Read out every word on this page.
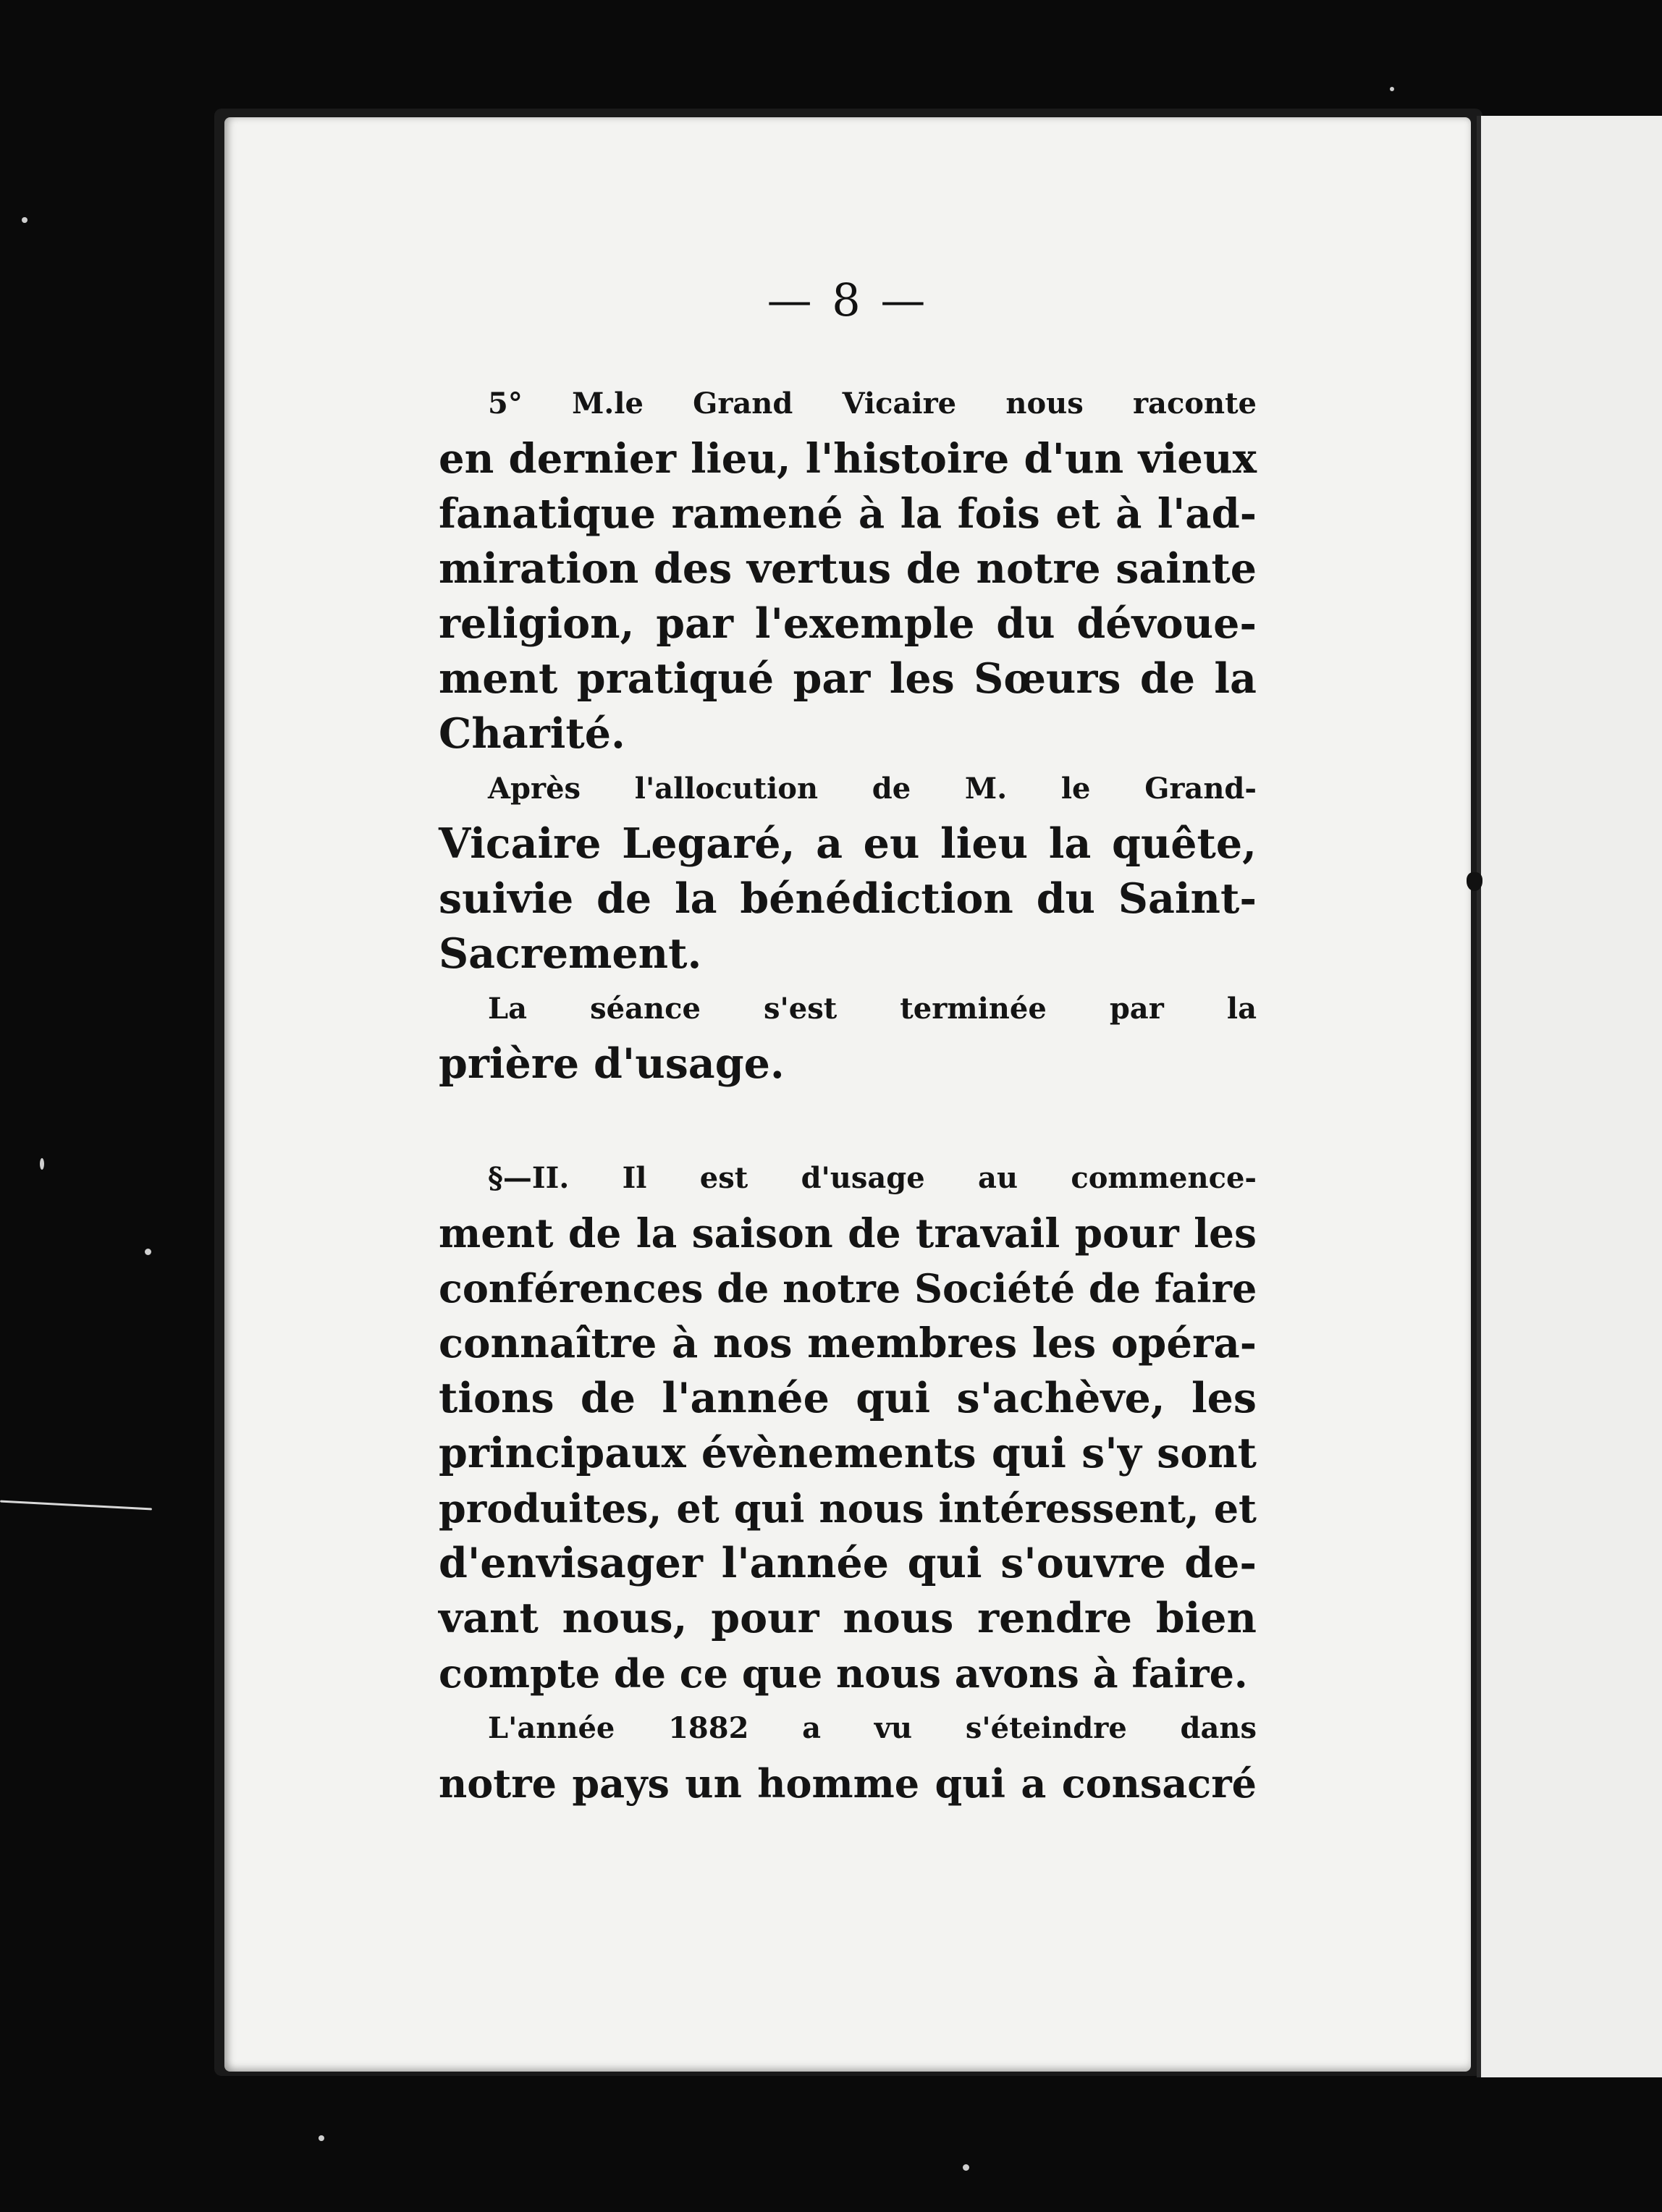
— 8 —
5° M.le Grand Vicaire nous raconte
en dernier lieu, l'histoire d'un vieux
fanatique ramené à la fois et à l'ad-
miration des vertus de notre sainte
religion, par l'exemple du dévoue-
ment pratiqué par les Sœurs de la
Charité.
Après l'allocution de M. le Grand-
Vicaire Legaré, a eu lieu la quête,
suivie de la bénédiction du Saint-
Sacrement.
La séance s'est terminée par la
prière d'usage.
§—II. Il est d'usage au commence-
ment de la saison de travail pour les
conférences de notre Société de faire
connaître à nos membres les opéra-
tions de l'année qui s'achève, les
principaux évènements qui s'y sont
produites, et qui nous intéressent, et
d'envisager l'année qui s'ouvre de-
vant nous, pour nous rendre bien
compte de ce que nous avons à faire.
L'année 1882 a vu s'éteindre dans
notre pays un homme qui a consacré
